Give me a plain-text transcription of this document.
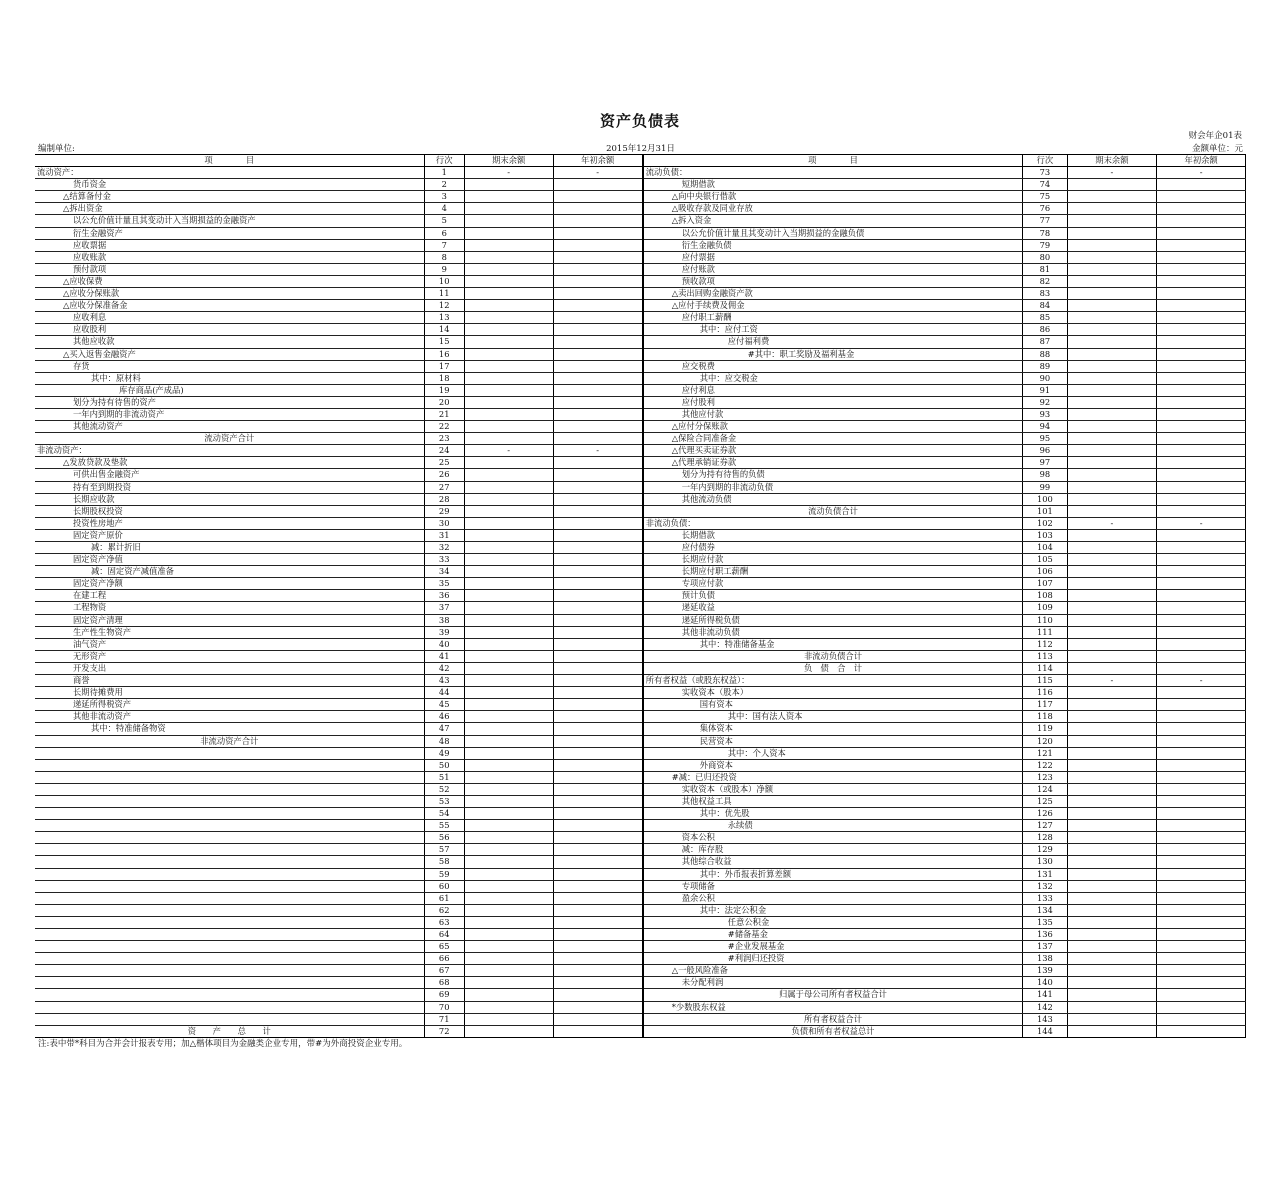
资产负债表
财会年企01表
编制单位:	2015年12月31日	金额单位：元
项　　　　目	行次	期末余额	年初余额	项　　　　目	行次	期末余额	年初余额
流动资产：	1	-	-	流动负债：	73	-	-
货币资金	2			短期借款	74		
△结算备付金	3			△向中央银行借款	75		
△拆出资金	4			△吸收存款及同业存放	76		
以公允价值计量且其变动计入当期损益的金融资产	5			△拆入资金	77		
衍生金融资产	6			以公允价值计量且其变动计入当期损益的金融负债	78		
应收票据	7			衍生金融负债	79		
应收账款	8			应付票据	80		
预付款项	9			应付账款	81		
△应收保费	10			预收款项	82		
△应收分保账款	11			△卖出回购金融资产款	83		
△应收分保准备金	12			△应付手续费及佣金	84		
应收利息	13			应付职工薪酬	85		
应收股利	14			其中：应付工资	86		
其他应收款	15			应付福利费	87		
△买入返售金融资产	16			#其中：职工奖励及福利基金	88		
存货	17			应交税费	89		
其中：原材料	18			其中：应交税金	90		
库存商品(产成品)	19			应付利息	91		
划分为持有待售的资产	20			应付股利	92		
一年内到期的非流动资产	21			其他应付款	93		
其他流动资产	22			△应付分保账款	94		
流动资产合计	23			△保险合同准备金	95		
非流动资产：	24	-	-	△代理买卖证券款	96		
△发放贷款及垫款	25			△代理承销证券款	97		
可供出售金融资产	26			划分为持有待售的负债	98		
持有至到期投资	27			一年内到期的非流动负债	99		
长期应收款	28			其他流动负债	100		
长期股权投资	29			流动负债合计	101		
投资性房地产	30			非流动负债：	102	-	-
固定资产原价	31			长期借款	103		
减：累计折旧	32			应付债券	104		
固定资产净值	33			长期应付款	105		
减：固定资产减值准备	34			长期应付职工薪酬	106		
固定资产净额	35			专项应付款	107		
在建工程	36			预计负债	108		
工程物资	37			递延收益	109		
固定资产清理	38			递延所得税负债	110		
生产性生物资产	39			其他非流动负债	111		
油气资产	40			其中：特准储备基金	112		
无形资产	41			非流动负债合计	113		
开发支出	42			负　债　合　计	114		
商誉	43			所有者权益（或股东权益）：	115	-	-
长期待摊费用	44			实收资本（股本）	116		
递延所得税资产	45			国有资本	117		
其他非流动资产	46			其中：国有法人资本	118		
其中：特准储备物资	47			集体资本	119		
非流动资产合计	48			民营资本	120		
	49			其中：个人资本	121		
	50			外商资本	122		
	51			#减：已归还投资	123		
	52			实收资本（或股本）净额	124		
	53			其他权益工具	125		
	54			其中：优先股	126		
	55			永续债	127		
	56			资本公积	128		
	57			减：库存股	129		
	58			其他综合收益	130		
	59			其中：外币报表折算差额	131		
	60			专项储备	132		
	61			盈余公积	133		
	62			其中：法定公积金	134		
	63			任意公积金	135		
	64			#储备基金	136		
	65			#企业发展基金	137		
	66			#利润归还投资	138		
	67			△一般风险准备	139		
	68			未分配利润	140		
	69			归属于母公司所有者权益合计	141		
	70			*少数股东权益	142		
	71			所有者权益合计	143		
资　　产　　总　　计	72			负债和所有者权益总计	144		
注:表中带*科目为合并会计报表专用；加△楷体项目为金融类企业专用，带#为外商投资企业专用。
